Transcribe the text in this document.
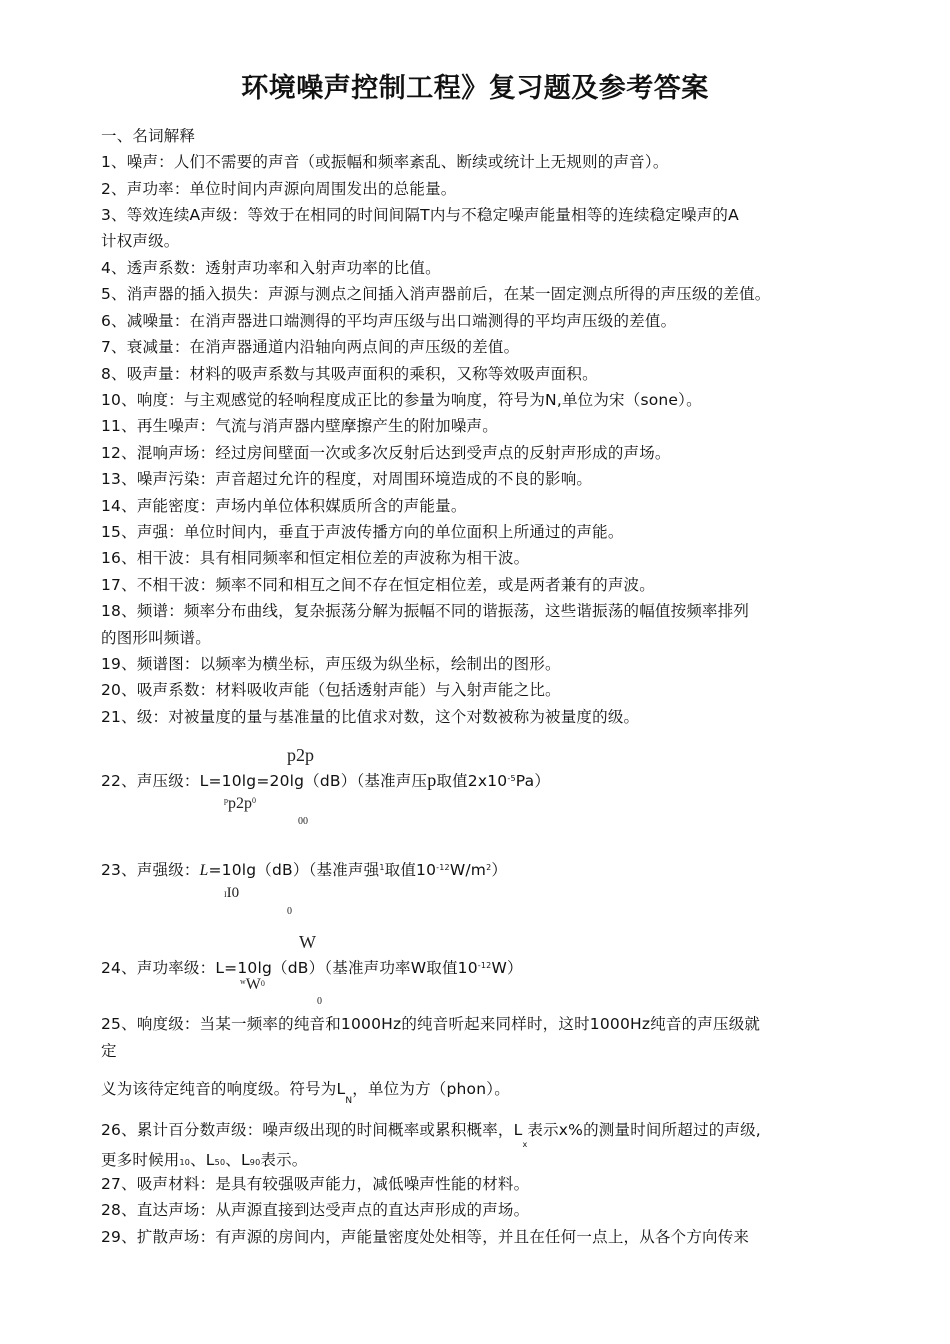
环境噪声控制工程》复习题及参考答案

一、名词解释

1、噪声：人们不需要的声音（或振幅和频率紊乱、断续或统计上无规则的声音）。

2、声功率：单位时间内声源向周围发出的总能量。

3、等效连续A声级：等效于在相同的时间间隔T内与不稳定噪声能量相等的连续稳定噪声的A

计权声级。

4、透声系数：透射声功率和入射声功率的比值。

5、消声器的插入损失：声源与测点之间插入消声器前后，在某一固定测点所得的声压级的差值。

6、减噪量：在消声器进口端测得的平均声压级与出口端测得的平均声压级的差值。

7、衰减量：在消声器通道内沿轴向两点间的声压级的差值。

8、吸声量：材料的吸声系数与其吸声面积的乘积，又称等效吸声面积。

10、响度：与主观感觉的轻响程度成正比的参量为响度，符号为N,单位为宋（sone）。

11、再生噪声：气流与消声器内壁摩擦产生的附加噪声。

12、混响声场：经过房间壁面一次或多次反射后达到受声点的反射声形成的声场。

13、噪声污染：声音超过允许的程度，对周围环境造成的不良的影响。

14、声能密度：声场内单位体积媒质所含的声能量。

15、声强：单位时间内，垂直于声波传播方向的单位面积上所通过的声能。

16、相干波：具有相同频率和恒定相位差的声波称为相干波。

17、不相干波：频率不同和相互之间不存在恒定相位差，或是两者兼有的声波。

18、频谱：频率分布曲线，复杂振荡分解为振幅不同的谐振荡，这些谐振荡的幅值按频率排列

的图形叫频谱。

19、频谱图：以频率为横坐标，声压级为纵坐标，绘制出的图形。

20、吸声系数：材料吸收声能（包括透射声能）与入射声能之比。

21、级：对被量度的量与基准量的比值求对数，这个对数被称为被量度的级。

p2p

22、声压级：L=10lg=20lg（dB）（基准声压p取值$2x10^{-5}Pa$）

$^pp2p^0$

00

23、声强级：L=10lg（dB）（基准声强$^1$取值$10^{-12}W/m^2$）

II0

0

W

24、声功率级：L=10lg（dB）（基准声功率W取值$10^{-12}W$）

$^w$W0

0

25、响度级：当某一频率的纯音和1000Hz的纯音听起来同样时，这时1000Hz纯音的声压级就

定

义为该待定纯音的响度级。符号为$L_N$，单位为方（phon）。

26、累计百分数声级：噪声级出现的时间概率或累积概率，$L_x$表示x%的测量时间所超过的声级,

更多时候用10、L50、L90表示。

27、吸声材料：是具有较强吸声能力，减低噪声性能的材料。

28、直达声场：从声源直接到达受声点的直达声形成的声场。

29、扩散声场：有声源的房间内，声能量密度处处相等，并且在任何一点上，从各个方向传来
